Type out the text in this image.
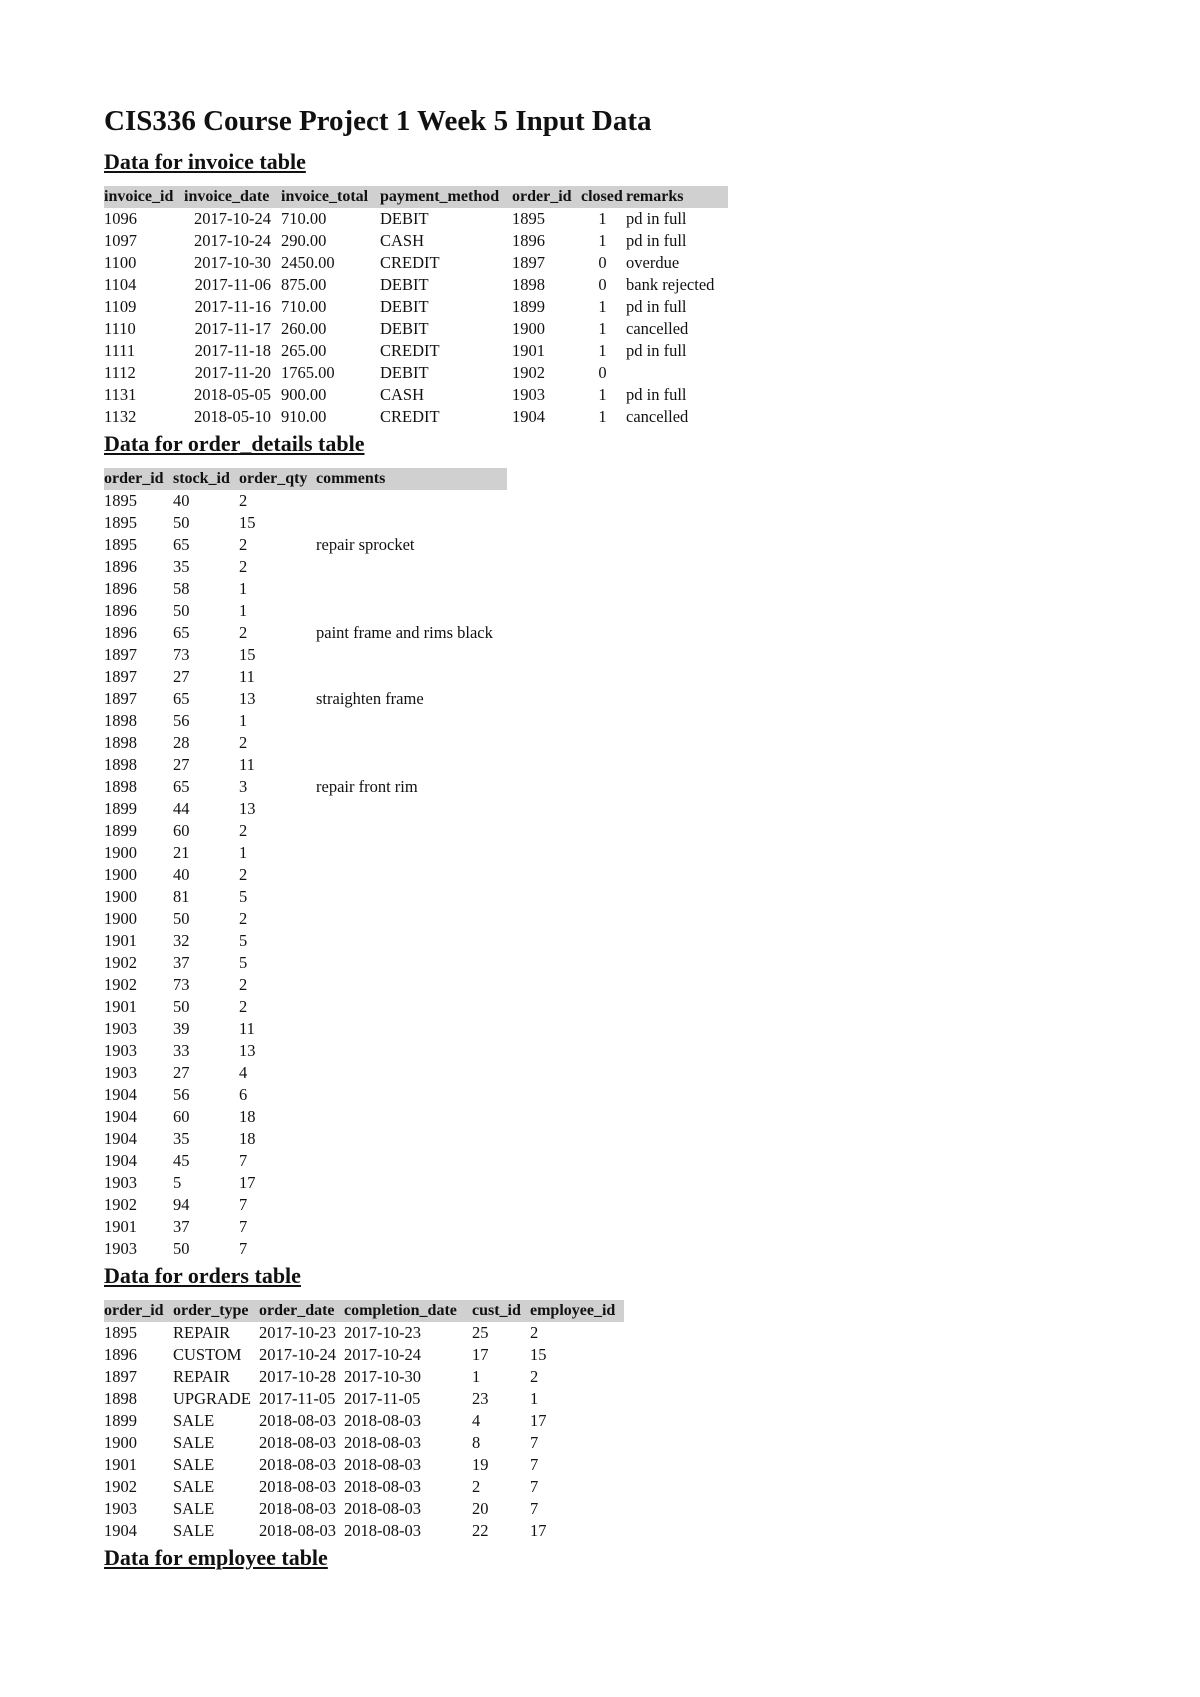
CIS336 Course Project 1 Week 5 Input Data
Data for invoice table
invoice_id	invoice_date	invoice_total	payment_method	order_id	closed	remarks
1096	2017-10-24	710.00	DEBIT	1895	1	pd in full
1097	2017-10-24	290.00	CASH	1896	1	pd in full
1100	2017-10-30	2450.00	CREDIT	1897	0	overdue
1104	2017-11-06	875.00	DEBIT	1898	0	bank rejected
1109	2017-11-16	710.00	DEBIT	1899	1	pd in full
1110	2017-11-17	260.00	DEBIT	1900	1	cancelled
1111	2017-11-18	265.00	CREDIT	1901	1	pd in full
1112	2017-11-20	1765.00	DEBIT	1902	0	
1131	2018-05-05	900.00	CASH	1903	1	pd in full
1132	2018-05-10	910.00	CREDIT	1904	1	cancelled
Data for order_details table
order_id	stock_id	order_qty	comments
1895	40	2	
1895	50	15	
1895	65	2	repair sprocket
1896	35	2	
1896	58	1	
1896	50	1	
1896	65	2	paint frame and rims black
1897	73	15	
1897	27	11	
1897	65	13	straighten frame
1898	56	1	
1898	28	2	
1898	27	11	
1898	65	3	repair front rim
1899	44	13	
1899	60	2	
1900	21	1	
1900	40	2	
1900	81	5	
1900	50	2	
1901	32	5	
1902	37	5	
1902	73	2	
1901	50	2	
1903	39	11	
1903	33	13	
1903	27	4	
1904	56	6	
1904	60	18	
1904	35	18	
1904	45	7	
1903	5	17	
1902	94	7	
1901	37	7	
1903	50	7	
Data for orders table
order_id	order_type	order_date	completion_date	cust_id	employee_id
1895	REPAIR	2017-10-23	2017-10-23	25	2
1896	CUSTOM	2017-10-24	2017-10-24	17	15
1897	REPAIR	2017-10-28	2017-10-30	1	2
1898	UPGRADE	2017-11-05	2017-11-05	23	1
1899	SALE	2018-08-03	2018-08-03	4	17
1900	SALE	2018-08-03	2018-08-03	8	7
1901	SALE	2018-08-03	2018-08-03	19	7
1902	SALE	2018-08-03	2018-08-03	2	7
1903	SALE	2018-08-03	2018-08-03	20	7
1904	SALE	2018-08-03	2018-08-03	22	17
Data for employee table
